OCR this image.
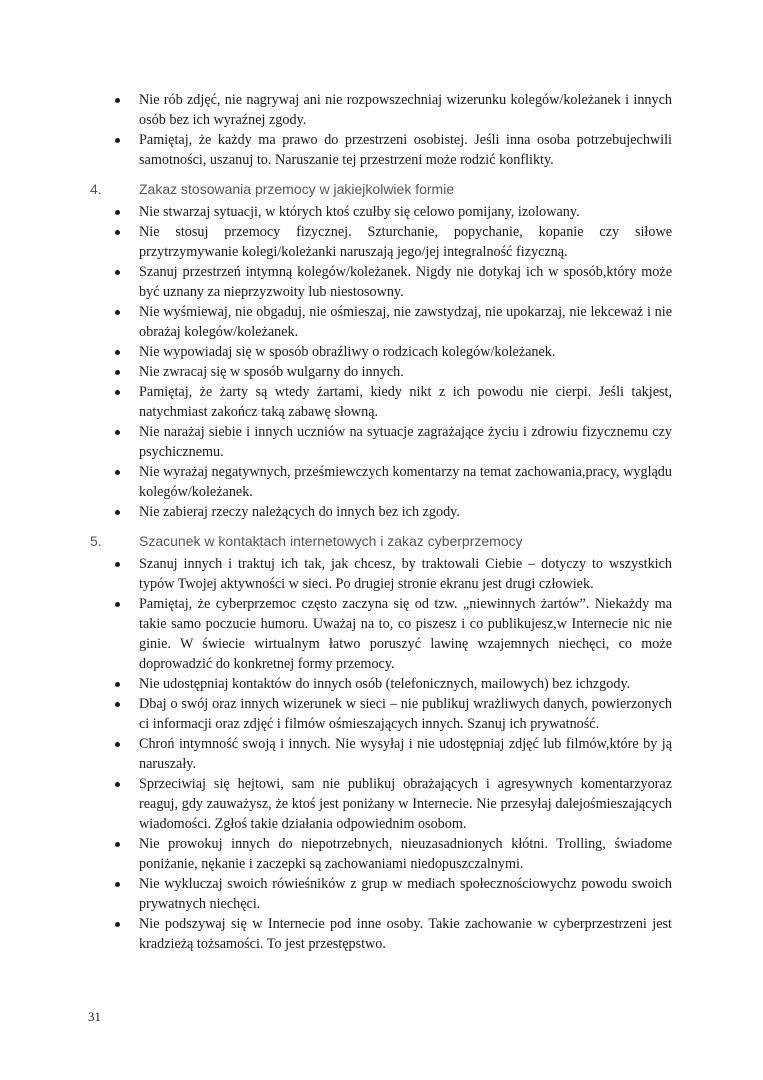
Nie rób zdjęć, nie nagrywaj ani nie rozpowszechniaj wizerunku kolegów/koleżanek i innych osób bez ich wyraźnej zgody.
Pamiętaj, że każdy ma prawo do przestrzeni osobistej. Jeśli inna osoba potrzebujechwili samotności, uszanuj to. Naruszanie tej przestrzeni może rodzić konflikty.
4.	Zakaz stosowania przemocy w jakiejkolwiek formie
Nie stwarzaj sytuacji, w których ktoś czułby się celowo pomijany, izolowany.
Nie stosuj przemocy fizycznej. Szturchanie, popychanie, kopanie czy siłowe przytrzymywanie kolegi/koleżanki naruszają jego/jej integralność fizyczną.
Szanuj przestrzeń intymną kolegów/koleżanek. Nigdy nie dotykaj ich w sposób,który może być uznany za nieprzyzwoity lub niestosowny.
Nie wyśmiewaj, nie obgaduj, nie ośmieszaj, nie zawstydzaj, nie upokarzaj, nie lekceważ i nie obrażaj kolegów/koleżanek.
Nie wypowiadaj się w sposób obraźliwy o rodzicach kolegów/koleżanek.
Nie zwracaj się w sposób wulgarny do innych.
Pamiętaj, że żarty są wtedy żartami, kiedy nikt z ich powodu nie cierpi. Jeśli takjest, natychmiast zakończ taką zabawę słowną.
Nie narażaj siebie i innych uczniów na sytuacje zagrażające życiu i zdrowiu fizycznemu czy psychicznemu.
Nie wyrażaj negatywnych, prześmiewczych komentarzy na temat zachowania,pracy, wyglądu kolegów/koleżanek.
Nie zabieraj rzeczy należących do innych bez ich zgody.
5.	Szacunek w kontaktach internetowych i zakaz cyberprzemocy
Szanuj innych i traktuj ich tak, jak chcesz, by traktowali Ciebie – dotyczy to wszystkich typów Twojej aktywności w sieci. Po drugiej stronie ekranu jest drugi człowiek.
Pamiętaj, że cyberprzemoc często zaczyna się od tzw. „niewinnych żartów”. Niekażdy ma takie samo poczucie humoru. Uważaj na to, co piszesz i co publikujesz,w Internecie nic nie ginie. W świecie wirtualnym łatwo poruszyć lawinę wzajemnych niechęci, co może doprowadzić do konkretnej formy przemocy.
Nie udostępniaj kontaktów do innych osób (telefonicznych, mailowych) bez ichzgody.
Dbaj o swój oraz innych wizerunek w sieci – nie publikuj wrażliwych danych, powierzonych ci informacji oraz zdjęć i filmów ośmieszających innych. Szanuj ich prywatność.
Chroń intymność swoją i innych. Nie wysyłaj i nie udostępniaj zdjęć lub filmów,które by ją naruszały.
Sprzeciwiaj się hejtowi, sam nie publikuj obrażających i agresywnych komentarzyoraz reaguj, gdy zauważysz, że ktoś jest poniżany w Internecie. Nie przesyłaj dalejośmieszających wiadomości. Zgłoś takie działania odpowiednim osobom.
Nie prowokuj innych do niepotrzebnych, nieuzasadnionych kłótni. Trolling, świadome poniżanie, nękanie i zaczepki są zachowaniami niedopuszczalnymi.
Nie wykluczaj swoich rówieśników z grup w mediach społecznościowychz powodu swoich prywatnych niechęci.
Nie podszywaj się w Internecie pod inne osoby. Takie zachowanie w cyberprzestrzeni jest kradzieżą tożsamości. To jest przestępstwo.
31
